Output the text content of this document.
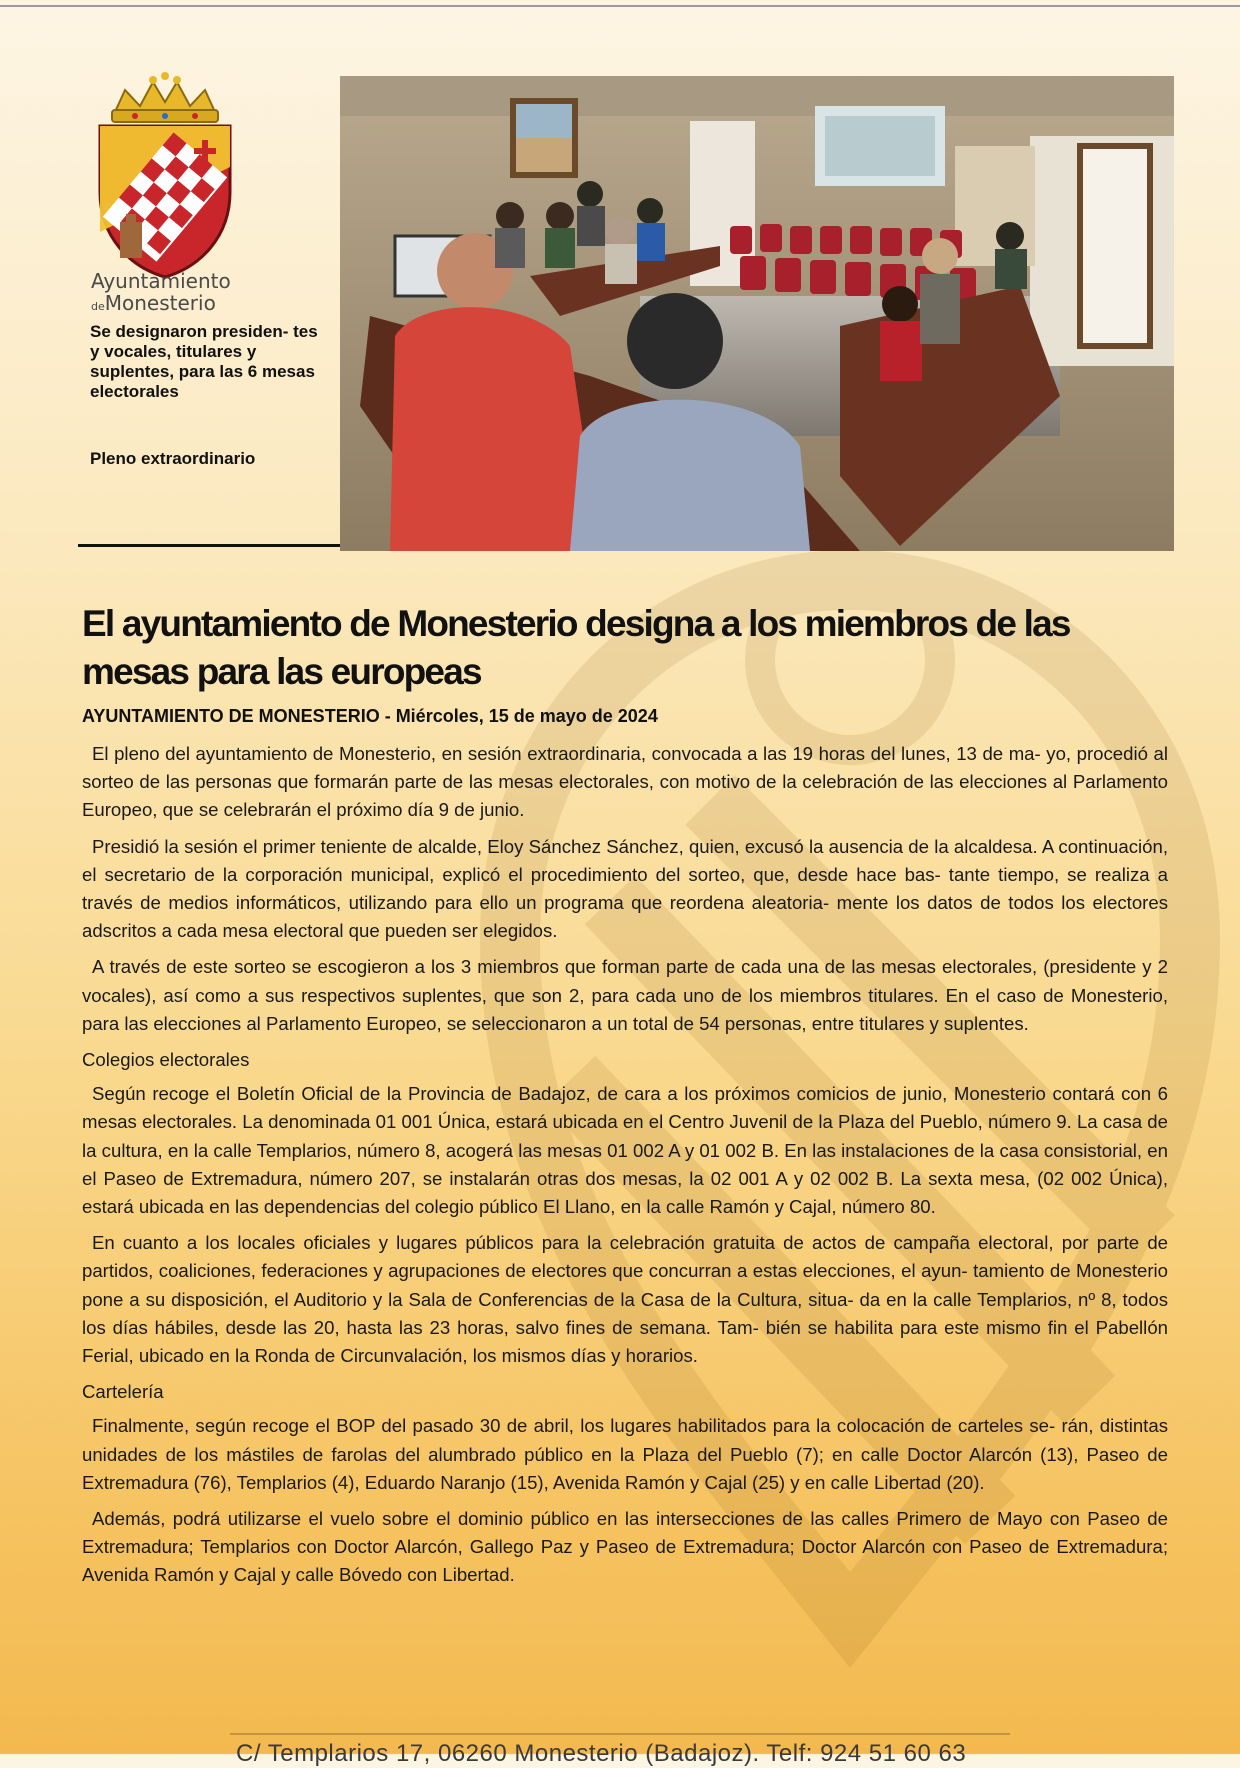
Ayuntamiento
deMonesterio
Se designaron presiden- tes y vocales, titulares y suplentes, para las 6 mesas electorales
Pleno extraordinario
El ayuntamiento de Monesterio designa a los miembros de las mesas para las europeas
AYUNTAMIENTO DE MONESTERIO - Miércoles, 15 de mayo de 2024

El pleno del ayuntamiento de Monesterio, en sesión extraordinaria, convocada a las 19 horas del lunes, 13 de ma- yo, procedió al sorteo de las personas que formarán parte de las mesas electorales, con motivo de la celebración de las elecciones al Parlamento Europeo, que se celebrarán el próximo día 9 de junio.

Presidió la sesión el primer teniente de alcalde, Eloy Sánchez Sánchez, quien, excusó la ausencia de la alcaldesa. A continuación, el secretario de la corporación municipal, explicó el procedimiento del sorteo, que, desde hace bas- tante tiempo, se realiza a través de medios informáticos, utilizando para ello un programa que reordena aleatoria- mente los datos de todos los electores adscritos a cada mesa electoral que pueden ser elegidos.

A través de este sorteo se escogieron a los 3 miembros que forman parte de cada una de las mesas electorales, (presidente y 2 vocales), así como a sus respectivos suplentes, que son 2, para cada uno de los miembros titulares. En el caso de Monesterio, para las elecciones al Parlamento Europeo, se seleccionaron a un total de 54 personas, entre titulares y suplentes.

Colegios electorales

Según recoge el Boletín Oficial de la Provincia de Badajoz, de cara a los próximos comicios de junio, Monesterio contará con 6 mesas electorales. La denominada 01 001 Única, estará ubicada en el Centro Juvenil de la Plaza del Pueblo, número 9. La casa de la cultura, en la calle Templarios, número 8, acogerá las mesas 01 002 A y 01 002 B. En las instalaciones de la casa consistorial, en el Paseo de Extremadura, número 207, se instalarán otras dos mesas, la 02 001 A y 02 002 B. La sexta mesa, (02 002 Única), estará ubicada en las dependencias del colegio público El Llano, en la calle Ramón y Cajal, número 80.

En cuanto a los locales oficiales y lugares públicos para la celebración gratuita de actos de campaña electoral, por parte de partidos, coaliciones, federaciones y agrupaciones de electores que concurran a estas elecciones, el ayun- tamiento de Monesterio pone a su disposición, el Auditorio y la Sala de Conferencias de la Casa de la Cultura, situa- da en la calle Templarios, nº 8, todos los días hábiles, desde las 20, hasta las 23 horas, salvo fines de semana. Tam- bién se habilita para este mismo fin el Pabellón Ferial, ubicado en la Ronda de Circunvalación, los mismos días y horarios.

Cartelería

Finalmente, según recoge el BOP del pasado 30 de abril, los lugares habilitados para la colocación de carteles se- rán, distintas unidades de los mástiles de farolas del alumbrado público en la Plaza del Pueblo (7); en calle Doctor Alarcón (13), Paseo de Extremadura (76), Templarios (4), Eduardo Naranjo (15), Avenida Ramón y Cajal (25) y en calle Libertad (20).

Además, podrá utilizarse el vuelo sobre el dominio público en las intersecciones de las calles Primero de Mayo con Paseo de Extremadura; Templarios con Doctor Alarcón, Gallego Paz y Paseo de Extremadura; Doctor Alarcón con Paseo de Extremadura; Avenida Ramón y Cajal y calle Bóvedo con Libertad.

C/ Templarios 17, 06260 Monesterio (Badajoz). Telf: 924 51 60 63
